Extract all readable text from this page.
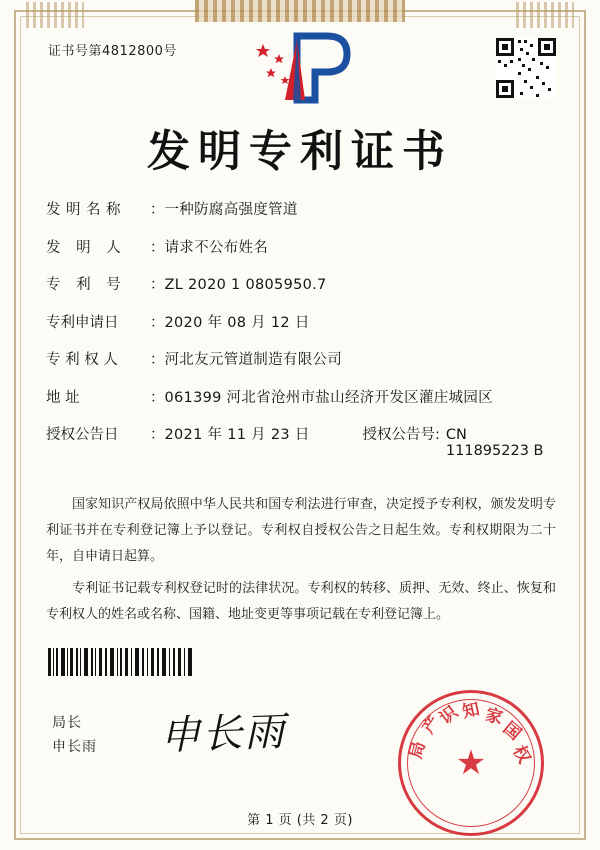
证书号第4812800号
发明专利证书
发明名称	： 一种防腐高强度管道
发 明 人	： 请求不公布姓名
专 利 号	： ZL 2020 1 0805950.7
专利申请日	： 2020 年 08 月 12 日
专 利 权 人	： 河北友元管道制造有限公司
地 址	： 061399 河北省沧州市盐山经济开发区灌庄城园区
授权公告日	： 2021 年 11 月 23 日	授权公告号: CN 111895223 B

国家知识产权局依照中华人民共和国专利法进行审查，决定授予专利权，颁发发明专利证书并在专利登记簿上予以登记。专利权自授权公告之日起生效。专利权期限为二十年，自申请日起算。

专利证书记载专利权登记时的法律状况。专利权的转移、质押、无效、终止、恢复和专利权人的姓名或名称、国籍、地址变更等事项记载在专利登记簿上。

局长
申长雨 申长雨
★
产
识
知 家
国
权
局
第 1 页 (共 2 页)
